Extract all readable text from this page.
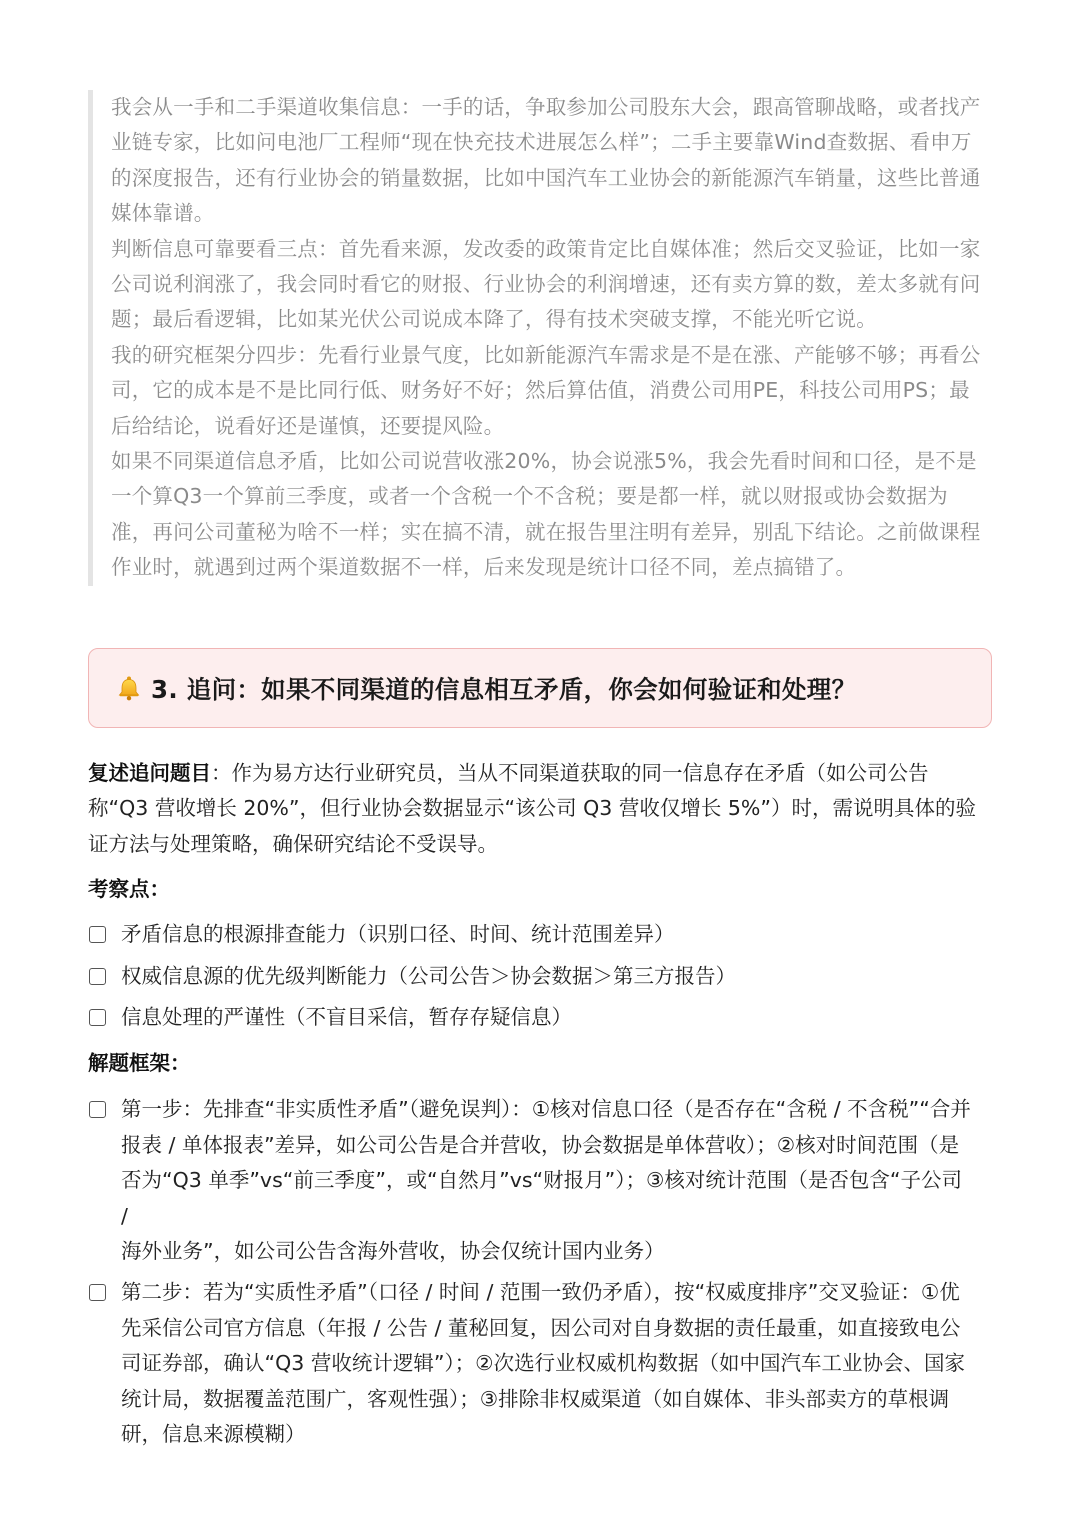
我会从一手和二手渠道收集信息：一手的话，争取参加公司股东大会，跟高管聊战略，或者找产业链专家，比如问电池厂工程师“现在快充技术进展怎么样”；二手主要靠Wind查数据、看申万的深度报告，还有行业协会的销量数据，比如中国汽车工业协会的新能源汽车销量，这些比普通媒体靠谱。

判断信息可靠要看三点：首先看来源，发改委的政策肯定比自媒体准；然后交叉验证，比如一家公司说利润涨了，我会同时看它的财报、行业协会的利润增速，还有卖方算的数，差太多就有问题；最后看逻辑，比如某光伏公司说成本降了，得有技术突破支撑，不能光听它说。

我的研究框架分四步：先看行业景气度，比如新能源汽车需求是不是在涨、产能够不够；再看公司，它的成本是不是比同行低、财务好不好；然后算估值，消费公司用PE，科技公司用PS；最后给结论，说看好还是谨慎，还要提风险。

如果不同渠道信息矛盾，比如公司说营收涨20%，协会说涨5%，我会先看时间和口径，是不是一个算Q3一个算前三季度，或者一个含税一个不含税；要是都一样，就以财报或协会数据为准，再问公司董秘为啥不一样；实在搞不清，就在报告里注明有差异，别乱下结论。之前做课程作业时，就遇到过两个渠道数据不一样，后来发现是统计口径不同，差点搞错了。

3. 追问：如果不同渠道的信息相互矛盾，你会如何验证和处理？

复述追问题目：作为易方达行业研究员，当从不同渠道获取的同一信息存在矛盾（如公司公告称“Q3 营收增长 20%”，但行业协会数据显示“该公司 Q3 营收仅增长 5%”）时，需说明具体的验证方法与处理策略，确保研究结论不受误导。

考察点：

矛盾信息的根源排查能力（识别口径、时间、统计范围差异）
权威信息源的优先级判断能力（公司公告＞协会数据＞第三方报告）
信息处理的严谨性（不盲目采信，暂存存疑信息）

解题框架：

第一步：先排查“非实质性矛盾”（避免误判）：①核对信息口径（是否存在“含税 / 不含税”“合并报表 / 单体报表”差异，如公司公告是合并营收，协会数据是单体营收）；②核对时间范围（是否为“Q3 单季”vs“前三季度”，或“自然月”vs“财报月”）；③核对统计范围（是否包含“子公司 /
海外业务”，如公司公告含海外营收，协会仅统计国内业务）
第二步：若为“实质性矛盾”（口径 / 时间 / 范围一致仍矛盾），按“权威度排序”交叉验证：①优先采信公司官方信息（年报 / 公告 / 董秘回复，因公司对自身数据的责任最重，如直接致电公司证券部，确认“Q3 营收统计逻辑”）；②次选行业权威机构数据（如中国汽车工业协会、国家统计局，数据覆盖范围广，客观性强）；③排除非权威渠道（如自媒体、非头部卖方的草根调研，信息来源模糊）
